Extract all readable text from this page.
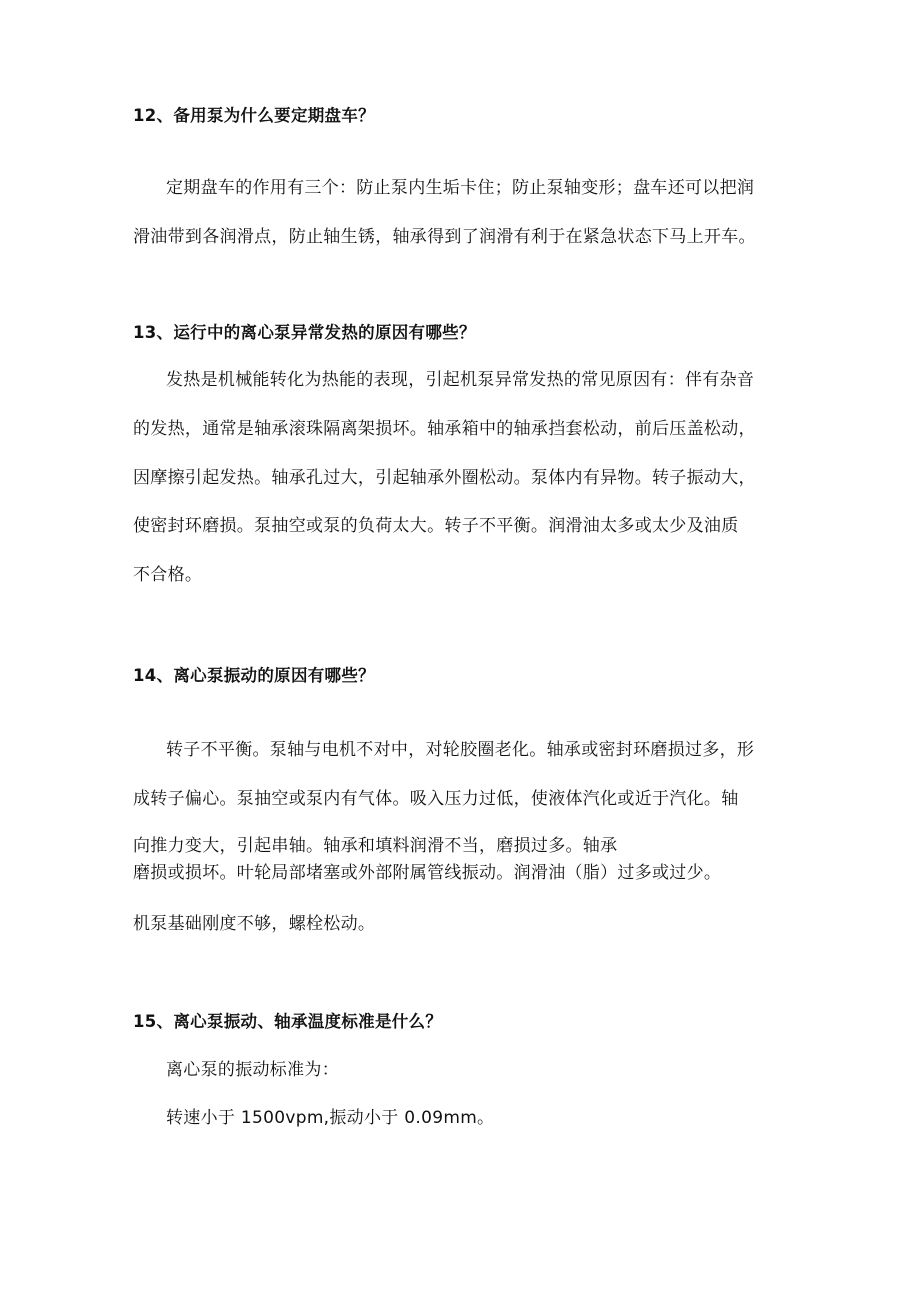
12、备用泵为什么要定期盘车？
定期盘车的作用有三个：防止泵内生垢卡住；防止泵轴变形；盘车还可以把润
滑油带到各润滑点，防止轴生锈，轴承得到了润滑有利于在紧急状态下马上开车。
13、运行中的离心泵异常发热的原因有哪些？
发热是机械能转化为热能的表现，引起机泵异常发热的常见原因有：伴有杂音
的发热，通常是轴承滚珠隔离架损坏。轴承箱中的轴承挡套松动，前后压盖松动，
因摩擦引起发热。轴承孔过大，引起轴承外圈松动。泵体内有异物。转子振动大，
使密封环磨损。泵抽空或泵的负荷太大。转子不平衡。润滑油太多或太少及油质
不合格。
14、离心泵振动的原因有哪些？
转子不平衡。泵轴与电机不对中，对轮胶圈老化。轴承或密封环磨损过多，形
成转子偏心。泵抽空或泵内有气体。吸入压力过低，使液体汽化或近于汽化。轴
向推力变大，引起串轴。轴承和填料润滑不当，磨损过多。轴承
磨损或损坏。叶轮局部堵塞或外部附属管线振动。润滑油（脂）过多或过少。
机泵基础刚度不够，螺栓松动。
15、离心泵振动、轴承温度标准是什么？
离心泵的振动标准为：
转速小于 1500vpm,振动小于 0.09mm。
